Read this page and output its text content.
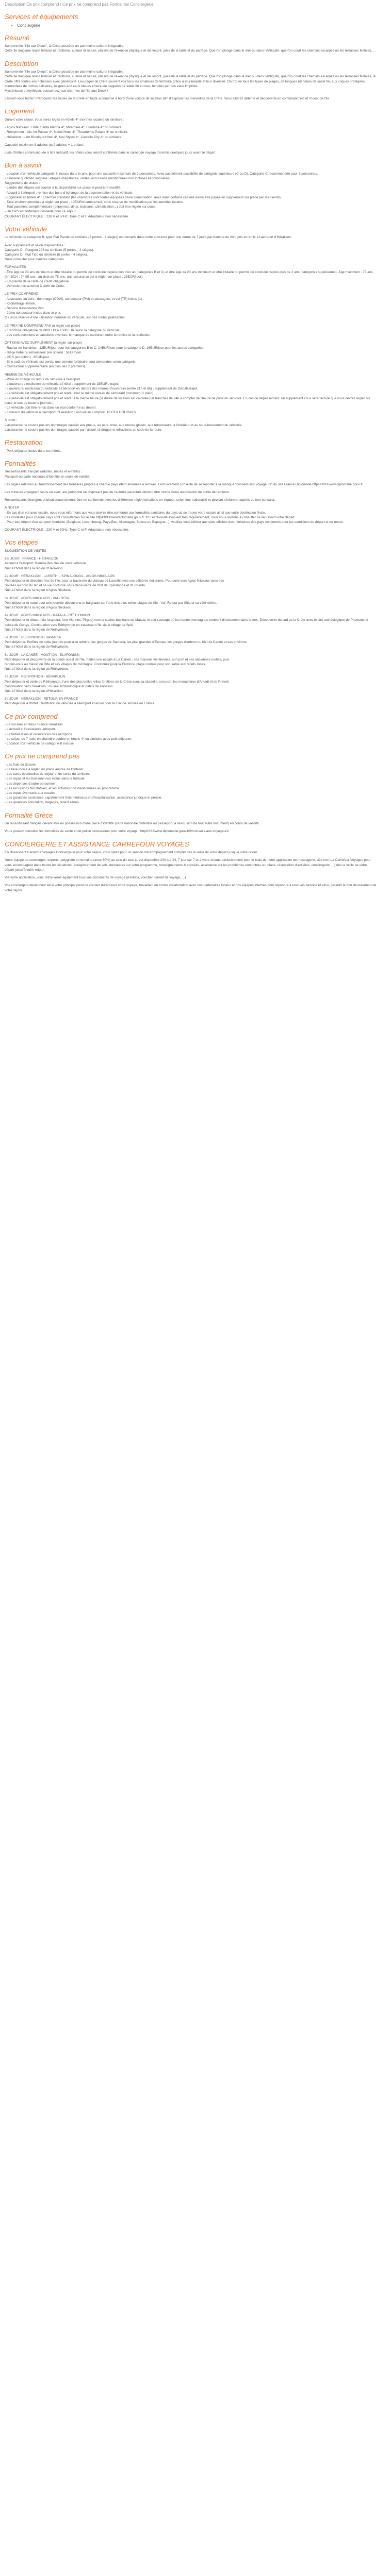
Description Ce prix comprend / Ce prix ne comprend pas Formalités Conciergerie
Services et équipements
• Conciergerie
Résumé
Surnommée "l'île aux Dieux", la Crète possède un patrimoine culturel inégalable.
Cette île magique réunit histoire et traditions, culture et nature, plaisirs de l'exercice physique et de l'esprit, joies de la table et du partage. Que l'on plonge dans le mer ou dans l'Antiquité, que l'on court les chemins escarpés ou les terrasses festives, ...
Description
Surnommée "l'île aux Dieux", la Crète possède un patrimoine culturel inégalable.
Cette île magique réunit histoire et traditions, culture et nature, plaisirs de l'exercice physique et de l'esprit, joies de la table et du partage. Que l'on plonge dans la mer ou dans l'Antiquité, que l'on court les chemins escarpés ou les terrasses festives, la Crète offre toutes ses richesses avec générosité. Les pages de Crète souvent voir tous les amateurs de territoire grâce à leur beauté et leur diversité. On trouve tous les types de plages, de longues étendues de sable fin, aux criques protégées surmontées de roches calcaires, baignes aux eaux bleues émeraude nappées de sable fin et rose, bercées par des eaux limpides.
Mystérieuse et mythique, succombez aux charmes de l'île aux Dieux !
Laissez-vous tenter ! Parcourez les routes de la Crète en toute autonomie à bord d'une voiture de location afin d'explorer les merveilles de la Crète. Vous allierez détente et découverte en combinant l'est et l'ouest de l'île.
Logement
Durant votre séjour, vous serez logés en hôtels 4* (normes locales) ou similaire :
- Agios Nikolaos : Hôtel Santa Marina 4*, Miramare 4*, Fundana 4* ou similaire.
- Réthymnon : Ibis Art Palace 4*, Nefeli Hotel 4*, Theartemis Palace 4* ou similaire.
- Héraklion : Lato Boutique Hotel 4*, Nisi Stylos 4*, Castello City 4* ou similaire.
Capacité maximum 3 adultes ou 2 adultes + 1 enfant.
Liste d'hôtels communiquée à titre indicatif, les hôtels vous seront confirmés dans le carnet de voyage transmis quelques jours avant le départ.
Bon à savoir
- Location d'un véhicule catégorie B incluse dans le prix, pour une capacité maximum de 2 personnes. Avec supplément possibilité de catégorie supérieure (C ou D). Catégorie C recommandée pour 3 personnes.
- Itinéraire quotidien suggéré : étapes obligatoires, visites/ excursions mentionnées non incluses et optionnelles.
Suggestions de visites :
- L'ordre des étapes est soumis à la disponibilité sur place et peut être modifié.
- Accueil à l'aéroport : remise des bons d'échange, de la documentation et du véhicule.
- Logement en hôtels 4* : chambre standard (les chambres sont toutes équipées d'une climatisation, mais dans certains cas elle devra être payée en supplément sur place par les clients).
- Taxe environnementale à régler sur place : 10EUR/chambre/nuit, sous réserve de modification par les autorités locales.
- Tout paiement complémentaire (dépenses, dîner, boissons, climatisation...) doit être réglée sur place.
- Un GPS est fortement conseillé pour ce séjour.
COURANT ÉLECTRIQUE : 230 V et 50Hz. Type C et F. Adaptateur non nécessaire.
Votre véhicule
Le véhicule de catégorie B, type Fiat Panda ou similaire (2 portes - 4 sièges) est compris dans votre auto-tour pour une durée de 7 jours par tranche de 24h, pris et remis à l'aéroport d'Héraklion.
Avec supplément et selon disponibilités :
Catégorie C : Peugeot 208 ou similaire (5 portes - 4 sièges).
Catégorie D : Fiat Tipo ou similaire (5 portes - 4 sièges).
Nous consulter pour d'autres catégories.
FORMALITES
- Être âgé de 23 ans minimum et être titulaire du permis de conduire depuis plus d'un an (catégories B et C) et être âgé de 23 ans minimum et être titulaire du permis de conduire depuis plus de 2 ans (catégories supérieures). Âge maximum : 75 ans (en 2024 : 74,99 ans ; au-delà de 75 ans, une assurance est à régler sur place : 25EUR/jour).
- Empreinte de la carte de crédit obligatoire.
- Véhicule non autorisé à sortir de Crète.
LE PRIX COMPREND
- Assurance au tiers : dommage (CDW), conducteur (PAI) et passagers, et vol (TP) inclus (1)
- Kilométrage illimité.
- Service d'assistance 24h.
- 2ème conducteur inclus dans le prix.
(1) Sous réserve d'une utilisation normale du véhicule, sur des routes praticables.
LE PRIX NE COMPREND PAS (à régler sur place)
- Franchise obligatoire de 800EUR à 1500EUR selon la catégorie du véhicule.
- Les contraventions et sanctions diverses, le manque de carburant entre la remise et la restitution.
OPTIONS AVEC SUPPLÉMENT (à régler sur place)
- Rachat de franchise : 12EUR/jour pour les catégories B et C, 14EUR/jour pour la catégorie D, 16EUR/jour pour les autres catégories.
- Siège bébé ou rehausseur (en option) : 5EUR/jour
- GPS (en option) : 6EUR/jour.
- Si le coût du véhicule est perdu/ une somme forfaitaire sera demandée selon catégorie.
- Conducteur supplémentaire (en plus des 2 premiers).
REMISE DU VÉHICULE
- Prise en charge ou retour du véhicule à l'aéroport.
- L'ouverture / restitution du véhicule à l'hôtel : supplément de 15EUR / trajet.
- L'ouverture/ restitution du véhicule à l'aéroport en dehors des heures d'ouverture (entre 21h et 8h) : supplément de 25EUR/trajet.
- Le véhicule est obligatoirement pris et rendu avec le même niveau de carburant (minimum ½ plein).
- Le véhicule est obligatoirement pris et rendu à la même heure (la durée de location est calculée par tranches de 24h à compter de l'heure de prise du véhicule. En cas de dépassement, un supplément vous sera facturé que vous devrez régler sur place et lors de toute la journée.)
- Le véhicule doit être rendu dans un état conforme au départ.
- Livraison du véhicule à l'aéroport d'Héraklion : accueil au comptoir. 16 GEA HOLIDAYS.
À noter :
L'assurance ne couvre pas les dommages causés aux pneus, au pare-brise, aux rousse glaces, aux rétroviseurs, à l'intérieur et au sous-bassement du véhicule.
L'assurance ne couvre pas les dommages causés par l'alcool, la drogue et infractions au code de la route.
Restauration
- Petit-déjeuner inclus dans les hôtels.
Formalités
Ressortissants français (adultes, bébés et enfants) :
Passport ou carte nationale d'identité en cours de validité.
Les règles relatives au franchissement des frontières propres à chaque pays étant amenées à évoluer, il est vivement conseillé de se reporter à la rubrique "conseils aux voyageurs" du site France Diplomatie,httpsXXXXwww.diplomatie.gouv.fr.
Les mineurs voyageant seuls ou avec une personne ne disposant pas de l'autorité parentale doivent être munis d'une autorisation de sortie de territoire.
Ressortissants étrangers et binationaux devront être en conformité avec les différentes réglementations en vigueur, selon leur nationalité et devront s'informer auprès de leur consulat.
A NOTER
- En cas d'un vol avec escale, nous vous informons que vous devrez être conforme aux formalités sanitaires du pays où se trouve votre escale ainsi que votre destination finale.
Les modalités pour chaque pays sont consultables sur le site httpXXXXwwwdiplomatie.gouv.fr. fr/ L'exclusivité évoluant très régulièrement, nous vous invitons à consulter ce lien avant votre départ.
- Pour tout départ d'un aéroport frontalier (Belgique, Luxembourg, Pays-Bas, Allemagne, Suisse ou Espagne...), veuillez vous référer aux sites officiels des ministères des pays concernés pour les conditions de départ et de retour.
COURANT ÉLECTRIQUE : 230 V et 50Hz. Type C et F. Adaptateur non nécessaire.
Vos étapes
SUGGESTION DE VISITES
1er JOUR : FRANCE - HÉRAKLION
Accueil à l'aéroport. Remise des clés de votre véhicule.
Nuit à l'hôtel dans la région d'Héraklion.
2e JOUR : HÉRAKLION - LASSITHI - SPINALONGA - AGIOS NIKOLAOS
Petit déjeuner et direction l'est de l'île, pour la traversée du plateau de Lassithi avec ses célèbres éoliennes. Poursuite vers Agios Nikolaos avec ses
Soirées au bord du lac et sa vie nocturne. Puis découverte de l'îlot de Spinalonga et d'Elounda.
Nuit à l'hôtel dans la région d'Agios Nikolaos.
3e JOUR : AGIOS NIKOLAOS - VAI - SITIA
Petit déjeuner et route pour une journée découverte et baignade sur l'une des plus belles plages de l'île : Vaï. Retour par Sitia et sa côte rivière.
Nuit à l'hôtel dans la région d'Agios Nikolaos.
4e JOUR : AGIOS NIKOLAOS - MATALA - RÉTHYMNON
Petit déjeuner et départ (via Ierapetra, Ano Viannos, Pirgos) vers la station balnéaire de Matala, le sud sauvage où les hautes montagnes tombent directement dans la mer. Découverte du sud de la Crète avec le site archéologique de Phaestos et ceinte de Gortys. Continuation vers Réthymnon en traversant l'île via le village de Spili.
Nuit à l'hôtel dans la région de Réthymnon.
5e JOUR : RÉTHYMNON - SAMARIA
Petit déjeuner. Profitez de cette journée pour aller admirer les gorges de Samaria, les plus grandes d'Europe, les gorges d'Imbros ou bien la Canée et ses environs.
Nuit à l'hôtel dans la région de Réthymnon.
6e JOUR : LA CANÉE - MONT IDA - ELAFONISSI
Petit déjeuner et découverte de la pointe ouest de l'île. Faites une escale à La Canée ; ses maisons vénitiennes, son port et ses anciennes ruelles, puis
rendez-vous au massif de l'Ida et ses villages de montagne. Continuez jusqu'à Elafonisi, plage connue pour son sable aux reflets roses.
Nuit à l'hôtel dans la région de Réthymnon.
7e JOUR : RÉTHYMNON - HÉRAKLION
Petit déjeuner et visite de Réthymnon, l'une des plus belles villes fortifiées de la Crète avec sa citadelle, son port, les monastères d'Arkadi et de Preveli.
Continuation vers Héraklion : musée archéologique et palais de Knossos.
Nuit à l'hôtel dans la région d'Héraklion.
8e JOUR : HÉRAKLION - RETOUR EN FRANCE
Petit déjeuner à l'hôtel. Restitution du véhicule à l'aéroport et envol pour la France. Arrivée en France.
Ce prix comprend
- Le vol aller et retour France Héraklion
- L'accueil et l'assistance aéroport.
- Le forfait taxes et redevances des aéroports.
- Le séjour de 7 nuits en chambre double en hôtels 4* ou similaire avec petit déjeuner.
- Location d'un véhicule de catégorie B incluse
Ce prix ne comprend pas
- Les frais de dossier.
- La taxe locale à régler sur place auprès de l'hôtelier.
- Les taxes éventuelles de séjour et de sortie du territoire.
- Les repas et les boissons non inclus dans la formule.
- Les dépenses d'ordre personnel
- Les excursions facultatives, et les activités non mentionnées au programme.
- Les repas éventuels aux escales
- Les garanties assistance, rapatriement frais médicaux et d'hospitalisation, assistance juridique et pénale.
- Les garanties annulation, bagages, retard aérien.
Formalité Grèce
Un ressortissant français devant être en possession d'une pièce d'identité (carte nationale d'identité ou passeport, à l'exclusion de tout autre document) en cours de validité.
Vous pouvez consulter les formalités de santé et de police nécessaires pour votre voyage : httpXXXXwww.diplomatie.gouv.fr/fr/conseils-aux-voyageurs/
CONCIERGERIE ET ASSISTANCE CARREFOUR VOYAGES
En choisissant Carrefour Voyages Conciergerie pour votre séjour, vous optez pour un service d'accompagnement complet dès la veille de votre départ jusqu'à votre retour.
Notre équipe de concierges, experte, polyglotte et humaine (avec 60%) au sein du total (1 est disponible 24h sur 24, 7 jour sur 7 et à votre écoute exclusivement pour le biais de notre application de messagerie, dès lors !La Carrefour Voyages pour vous accompagner dans toutes les situations (enregistrement de vols, demandes sur votre programme, renseignements & conseils, assistance sur les problèmes rencontrés sur place, réservation d'activités, conciergerie, ...) dès la veille de votre départ jusqu'à votre retour.
Via votre application, vous retrouverez également tous vos documents de voyage (e-billets, voucher, carnet de voyage, ...)
Vos conciergers deviennent ainsi votre principal point de contact durant tout votre voyage, travaillant en étroite collaboration avec nos partenaires locaux et nos équipes internes pour répondre à tous vos besoins et ainsi, garantir le bon déroulement de votre séjour.
